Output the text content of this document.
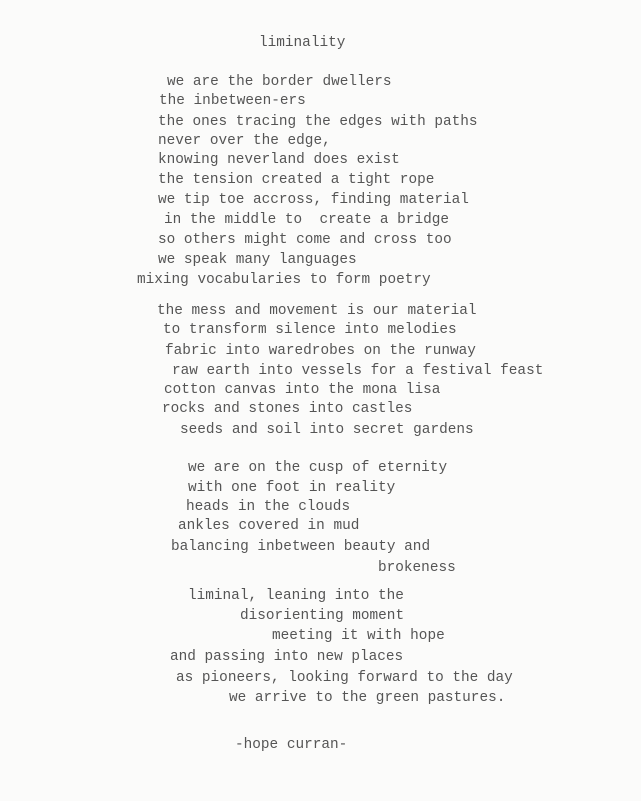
liminality
we are the border dwellers
the inbetween-ers
the ones tracing the edges with paths
never over the edge,
knowing neverland does exist
the tension created a tight rope
we tip toe accross, finding material
in the middle to  create a bridge
so others might come and cross too
we speak many languages
mixing vocabularies to form poetry
the mess and movement is our material
to transform silence into melodies
fabric into waredrobes on the runway
raw earth into vessels for a festival feast
cotton canvas into the mona lisa
rocks and stones into castles
seeds and soil into secret gardens
we are on the cusp of eternity
with one foot in reality
heads in the clouds
ankles covered in mud
balancing inbetween beauty and
brokeness
liminal, leaning into the
disorienting moment
meeting it with hope
and passing into new places
as pioneers, looking forward to the day
we arrive to the green pastures.
-hope curran-
